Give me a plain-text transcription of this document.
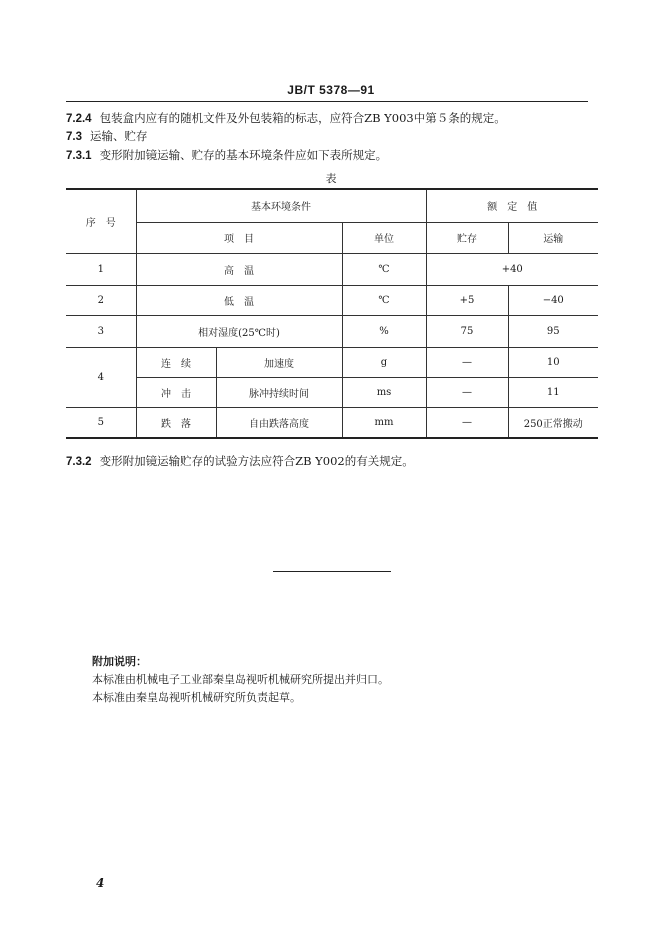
JB/T 5378—91
7.2.4 包装盒内应有的随机文件及外包装箱的标志，应符合ZB Y003中第５条的规定。
7.3 运输、贮存
7.3.1 变形附加镜运输、贮存的基本环境条件应如下表所规定。
表
序　号	基本环境条件			额　定　值	
	项　目		单位	贮存	运输
1	高　温		℃	+40	
2	低　温		℃	+5	−40
3	相对湿度(25℃时)		%	75	95
4	连　续	加速度	g	—	10
	冲　击	脉冲持续时间	ms	—	11
5	跌　落	自由跌落高度	mm	—	250正常搬动
7.3.2 变形附加镜运输贮存的试验方法应符合ZB Y002的有关规定。
附加说明：
本标准由机械电子工业部秦皇岛视听机械研究所提出并归口。
本标准由秦皇岛视听机械研究所负责起草。
4
